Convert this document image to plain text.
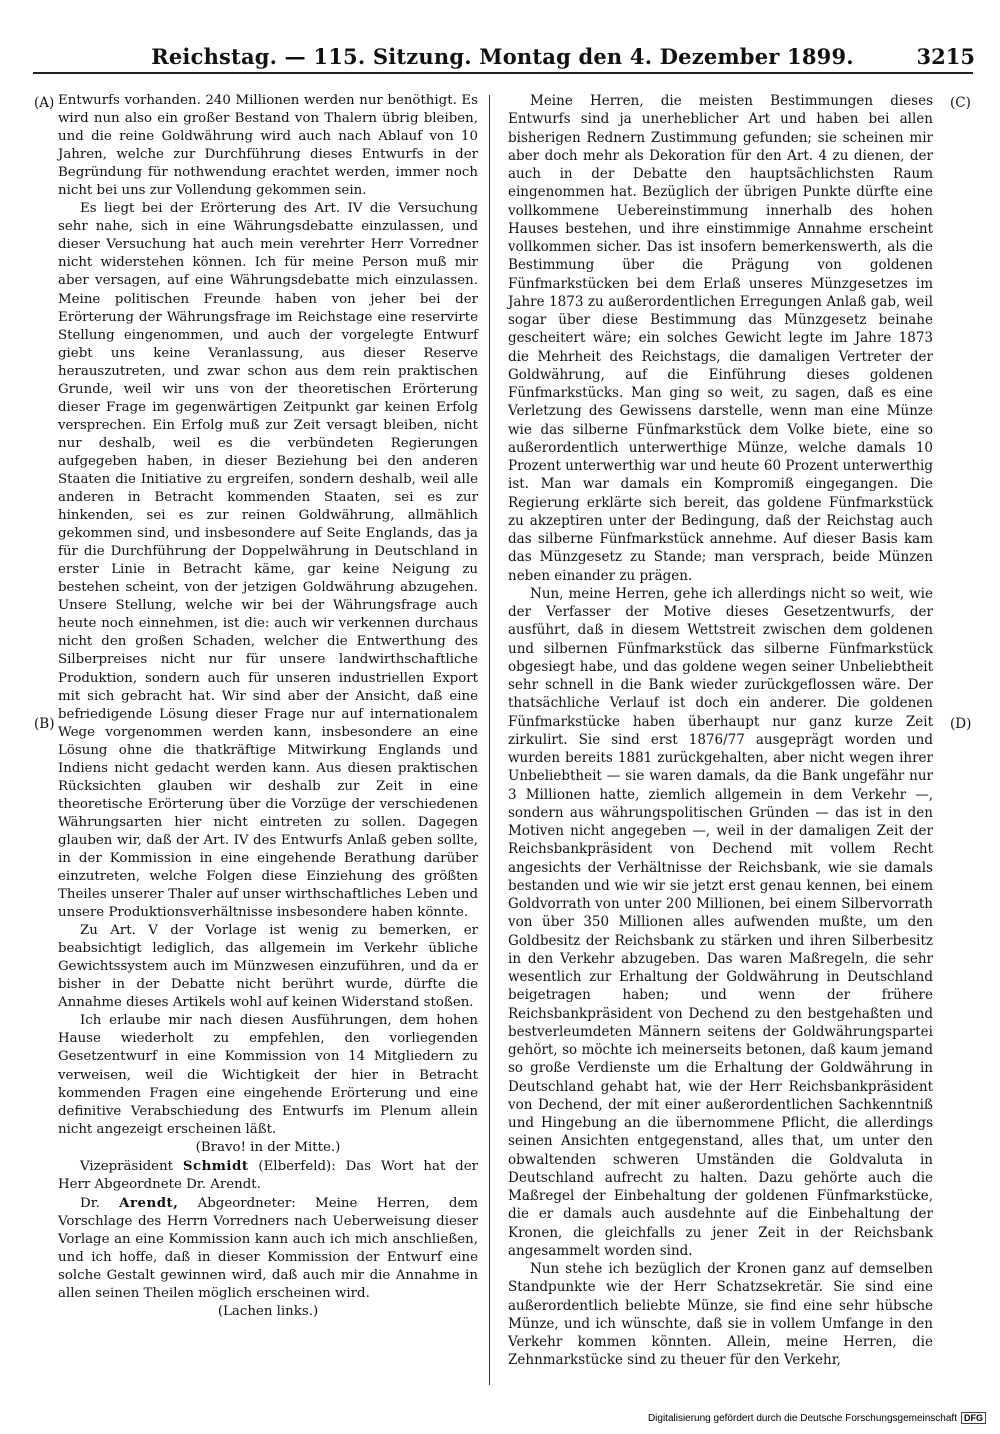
Reichstag. — 115. Sitzung. Montag den 4. Dezember 1899.	3215
(A)
(B)
(C)
(D)

Entwurfs vorhanden. 240 Millionen werden nur benöthigt. Es wird nun also ein großer Bestand von Thalern übrig bleiben, und die reine Goldwährung wird auch nach Ablauf von 10 Jahren, welche zur Durchführung dieses Entwurfs in der Begründung für nothwendung erachtet werden, immer noch nicht bei uns zur Vollendung gekommen sein.

Es liegt bei der Erörterung des Art. IV die Versuchung sehr nahe, sich in eine Währungsdebatte einzulassen, und dieser Versuchung hat auch mein verehrter Herr Vorredner nicht widerstehen können. Ich für meine Person muß mir aber versagen, auf eine Währungsdebatte mich einzulassen. Meine politischen Freunde haben von jeher bei der Erörterung der Währungsfrage im Reichstage eine reservirte Stellung eingenommen, und auch der vorgelegte Entwurf giebt uns keine Veranlassung, aus dieser Reserve herauszutreten, und zwar schon aus dem rein praktischen Grunde, weil wir uns von der theoretischen Erörterung dieser Frage im gegenwärtigen Zeitpunkt gar keinen Erfolg versprechen. Ein Erfolg muß zur Zeit versagt bleiben, nicht nur deshalb, weil es die verbündeten Regierungen aufgegeben haben, in dieser Beziehung bei den anderen Staaten die Initiative zu ergreifen, sondern deshalb, weil alle anderen in Betracht kommenden Staaten, sei es zur hinkenden, sei es zur reinen Goldwährung, allmählich gekommen sind, und insbesondere auf Seite Englands, das ja für die Durchführung der Doppelwährung in Deutschland in erster Linie in Betracht käme, gar keine Neigung zu bestehen scheint, von der jetzigen Goldwährung abzugehen. Unsere Stellung, welche wir bei der Währungsfrage auch heute noch einnehmen, ist die: auch wir verkennen durchaus nicht den großen Schaden, welcher die Entwerthung des Silberpreises nicht nur für unsere landwirthschaftliche Produktion, sondern auch für unseren industriellen Export mit sich gebracht hat. Wir sind aber der Ansicht, daß eine befriedigende Lösung dieser Frage nur auf internationalem Wege vorgenommen werden kann, insbesondere an eine Lösung ohne die thatkräftige Mitwirkung Englands und Indiens nicht gedacht werden kann. Aus diesen praktischen Rücksichten glauben wir deshalb zur Zeit in eine theoretische Erörterung über die Vorzüge der verschiedenen Währungsarten hier nicht eintreten zu sollen. Dagegen glauben wir, daß der Art. IV des Entwurfs Anlaß geben sollte, in der Kommission in eine eingehende Berathung darüber einzutreten, welche Folgen diese Einziehung des größten Theiles unserer Thaler auf unser wirthschaftliches Leben und unsere Produktionsverhältnisse insbesondere haben könnte.

Zu Art. V der Vorlage ist wenig zu bemerken, er beabsichtigt lediglich, das allgemein im Verkehr übliche Gewichtssystem auch im Münzwesen einzuführen, und da er bisher in der Debatte nicht berührt wurde, dürfte die Annahme dieses Artikels wohl auf keinen Widerstand stoßen.

Ich erlaube mir nach diesen Ausführungen, dem hohen Hause wiederholt zu empfehlen, den vorliegenden Gesetzentwurf in eine Kommission von 14 Mitgliedern zu verweisen, weil die Wichtigkeit der hier in Betracht kommenden Fragen eine eingehende Erörterung und eine definitive Verabschiedung des Entwurfs im Plenum allein nicht angezeigt erscheinen läßt.

(Bravo! in der Mitte.)

Vizepräsident Schmidt (Elberfeld): Das Wort hat der Herr Abgeordnete Dr. Arendt.

Dr. Arendt, Abgeordneter: Meine Herren, dem Vorschlage des Herrn Vorredners nach Ueberweisung dieser Vorlage an eine Kommission kann auch ich mich anschließen, und ich hoffe, daß in dieser Kommission der Entwurf eine solche Gestalt gewinnen wird, daß auch mir die Annahme in allen seinen Theilen möglich erscheinen wird.

(Lachen links.)

Meine Herren, die meisten Bestimmungen dieses Entwurfs sind ja unerheblicher Art und haben bei allen bisherigen Rednern Zustimmung gefunden; sie scheinen mir aber doch mehr als Dekoration für den Art. 4 zu dienen, der auch in der Debatte den hauptsächlichsten Raum eingenommen hat. Bezüglich der übrigen Punkte dürfte eine vollkommene Uebereinstimmung innerhalb des hohen Hauses bestehen, und ihre einstimmige Annahme erscheint vollkommen sicher. Das ist insofern bemerkenswerth, als die Bestimmung über die Prägung von goldenen Fünfmarkstücken bei dem Erlaß unseres Münzgesetzes im Jahre 1873 zu außerordentlichen Erregungen Anlaß gab, weil sogar über diese Bestimmung das Münzgesetz beinahe gescheitert wäre; ein solches Gewicht legte im Jahre 1873 die Mehrheit des Reichstags, die damaligen Vertreter der Goldwährung, auf die Einführung dieses goldenen Fünfmarkstücks. Man ging so weit, zu sagen, daß es eine Verletzung des Gewissens darstelle, wenn man eine Münze wie das silberne Fünfmarkstück dem Volke biete, eine so außerordentlich unterwerthige Münze, welche damals 10 Prozent unterwerthig war und heute 60 Prozent unterwerthig ist. Man war damals ein Kompromiß eingegangen. Die Regierung erklärte sich bereit, das goldene Fünfmarkstück zu akzeptiren unter der Bedingung, daß der Reichstag auch das silberne Fünfmarkstück annehme. Auf dieser Basis kam das Münzgesetz zu Stande; man versprach, beide Münzen neben einander zu prägen.

Nun, meine Herren, gehe ich allerdings nicht so weit, wie der Verfasser der Motive dieses Gesetzentwurfs, der ausführt, daß in diesem Wettstreit zwischen dem goldenen und silbernen Fünfmarkstück das silberne Fünfmarkstück obgesiegt habe, und das goldene wegen seiner Unbeliebtheit sehr schnell in die Bank wieder zurückgeflossen wäre. Der thatsächliche Verlauf ist doch ein anderer. Die goldenen Fünfmarkstücke haben überhaupt nur ganz kurze Zeit zirkulirt. Sie sind erst 1876/77 ausgeprägt worden und wurden bereits 1881 zurückgehalten, aber nicht wegen ihrer Unbeliebtheit — sie waren damals, da die Bank ungefähr nur 3 Millionen hatte, ziemlich allgemein in dem Verkehr —, sondern aus währungspolitischen Gründen — das ist in den Motiven nicht angegeben —, weil in der damaligen Zeit der Reichsbankpräsident von Dechend mit vollem Recht angesichts der Verhältnisse der Reichsbank, wie sie damals bestanden und wie wir sie jetzt erst genau kennen, bei einem Goldvorrath von unter 200 Millionen, bei einem Silbervorrath von über 350 Millionen alles aufwenden mußte, um den Goldbesitz der Reichsbank zu stärken und ihren Silberbesitz in den Verkehr abzugeben. Das waren Maßregeln, die sehr wesentlich zur Erhaltung der Goldwährung in Deutschland beigetragen haben; und wenn der frühere Reichsbankpräsident von Dechend zu den bestgehaßten und bestverleumdeten Männern seitens der Goldwährungspartei gehört, so möchte ich meinerseits betonen, daß kaum jemand so große Verdienste um die Erhaltung der Goldwährung in Deutschland gehabt hat, wie der Herr Reichsbankpräsident von Dechend, der mit einer außerordentlichen Sachkenntniß und Hingebung an die übernommene Pflicht, die allerdings seinen Ansichten entgegenstand, alles that, um unter den obwaltenden schweren Umständen die Goldvaluta in Deutschland aufrecht zu halten. Dazu gehörte auch die Maßregel der Einbehaltung der goldenen Fünfmarkstücke, die er damals auch ausdehnte auf die Einbehaltung der Kronen, die gleichfalls zu jener Zeit in der Reichsbank angesammelt worden sind.

Nun stehe ich bezüglich der Kronen ganz auf demselben Standpunkte wie der Herr Schatzsekretär. Sie sind eine außerordentlich beliebte Münze, sie find eine sehr hübsche Münze, und ich wünschte, daß sie in vollem Umfange in den Verkehr kommen könnten. Allein, meine Herren, die Zehnmarkstücke sind zu theuer für den Verkehr,

Digitalisierung gefördert durch die Deutsche Forschungsgemeinschaft DFG
